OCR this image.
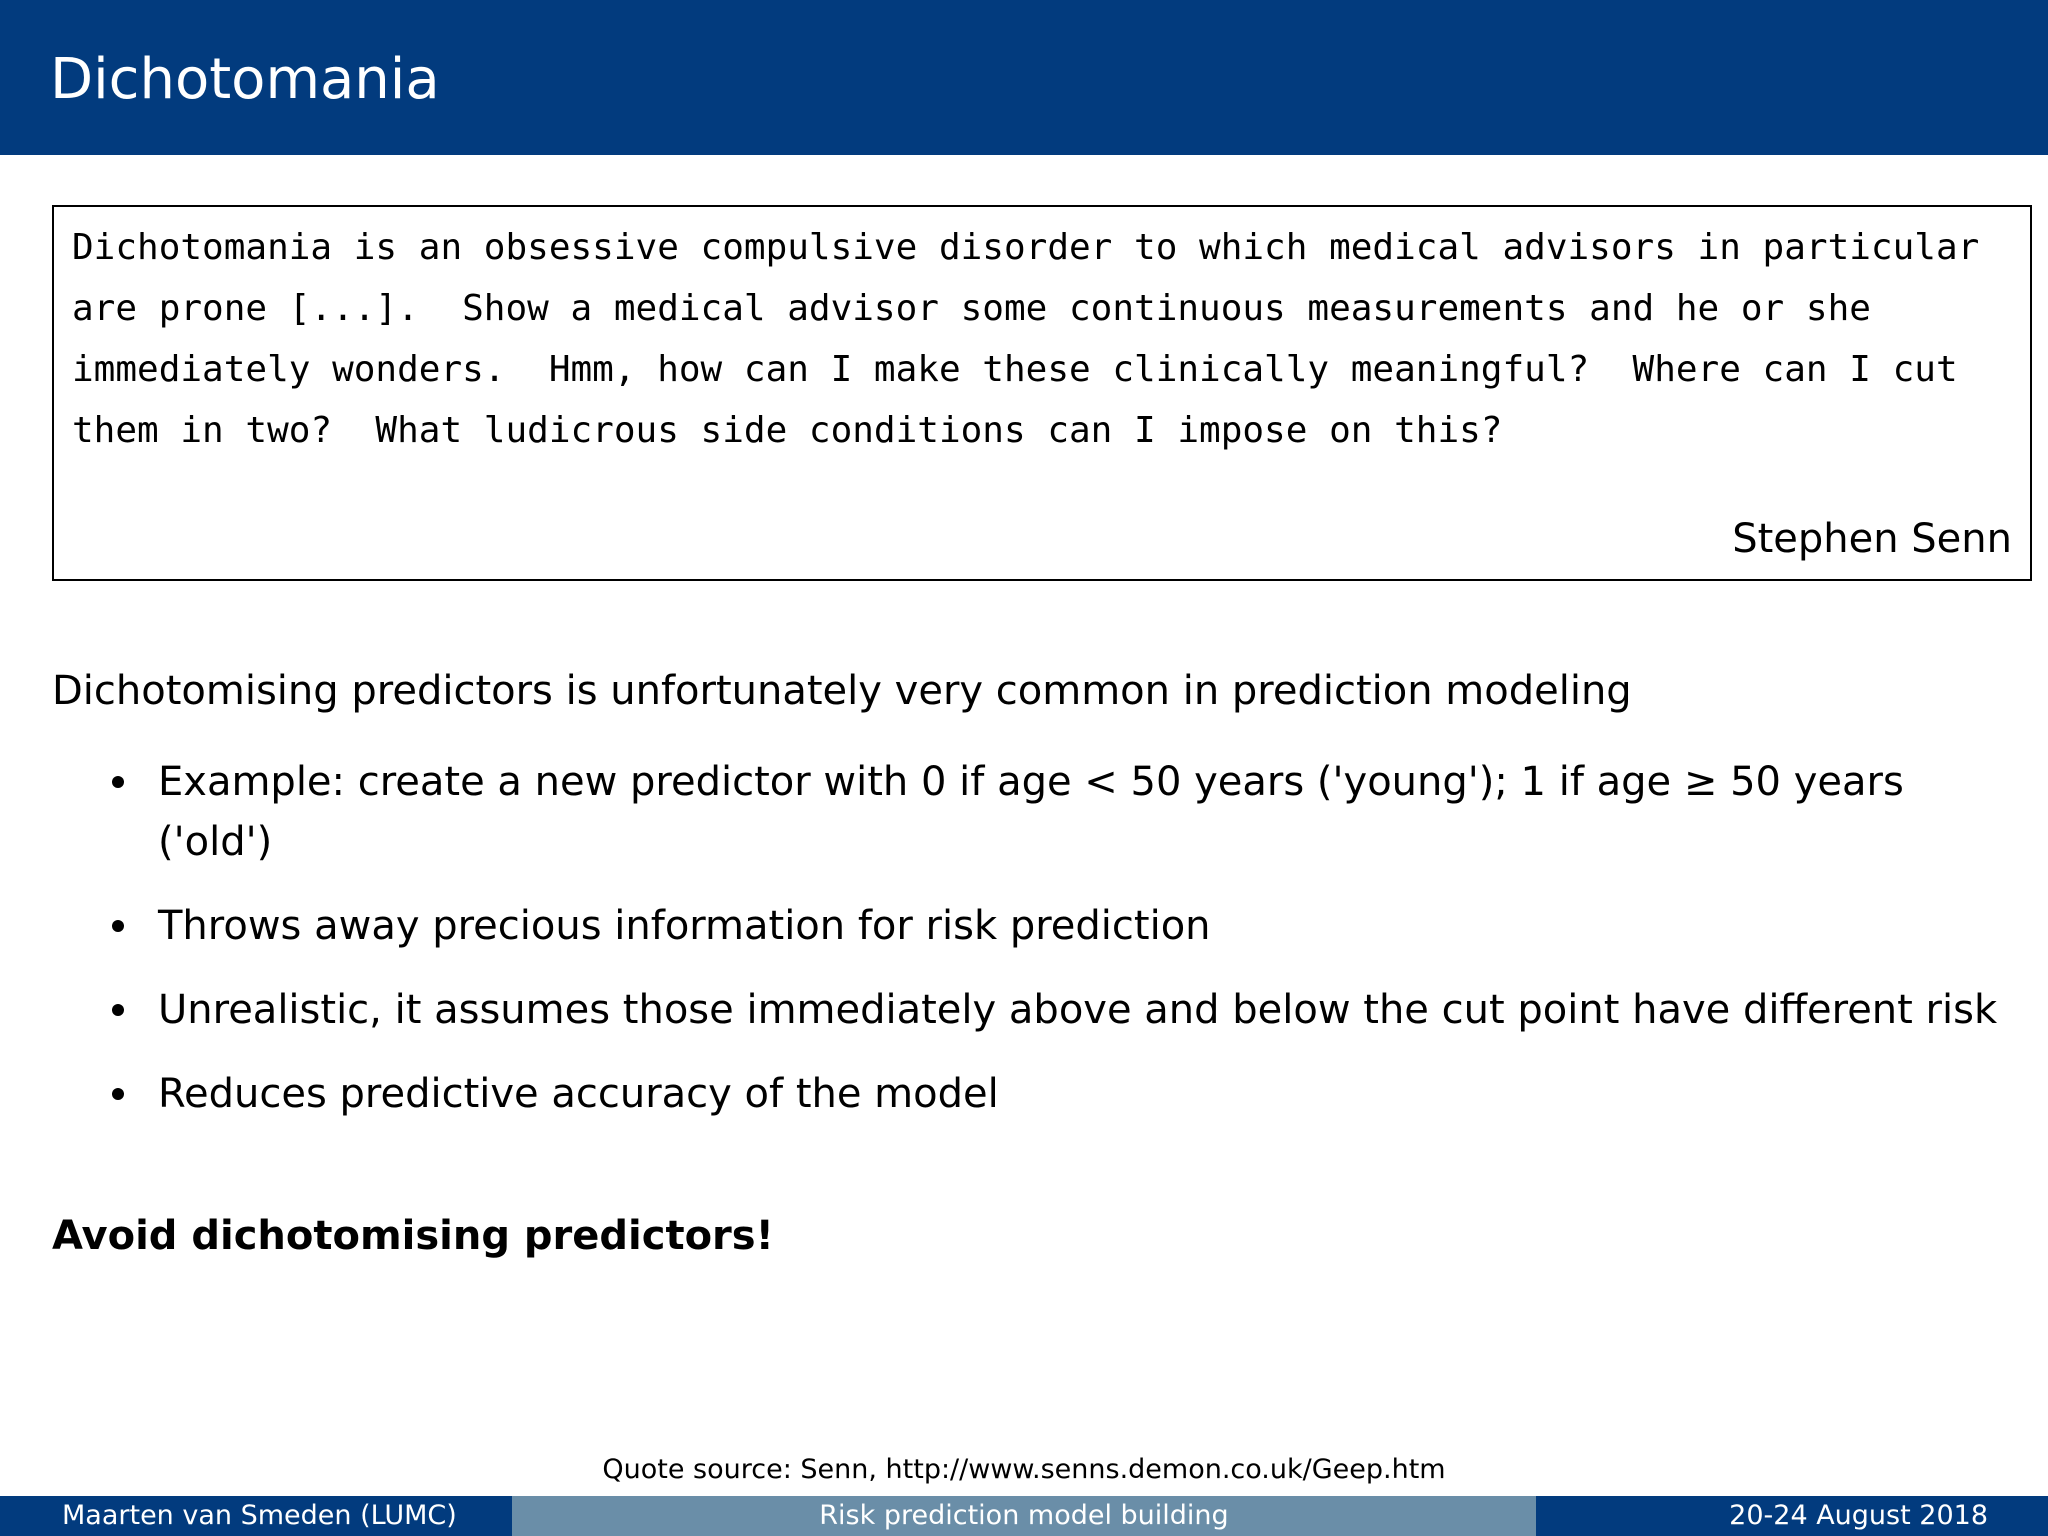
Dichotomania

Dichotomania is an obsessive compulsive disorder to which medical advisors in particular are prone [...].  Show a medical advisor some continuous measurements and he or she immediately wonders.  Hmm, how can I make these clinically meaningful?  Where can I cut them in two?  What ludicrous side conditions can I impose on this?

Stephen Senn
Dichotomising predictors is unfortunately very common in prediction modeling
Example: create a new predictor with 0 if age < 50 years ('young'); 1 if age ≥ 50 years ('old')
Throws away precious information for risk prediction
Unrealistic, it assumes those immediately above and below the cut point have different risk
Reduces predictive accuracy of the model
Avoid dichotomising predictors!
Quote source: Senn, http://www.senns.demon.co.uk/Geep.htm
Maarten van Smeden (LUMC)	Risk prediction model building	20-24 August 2018
